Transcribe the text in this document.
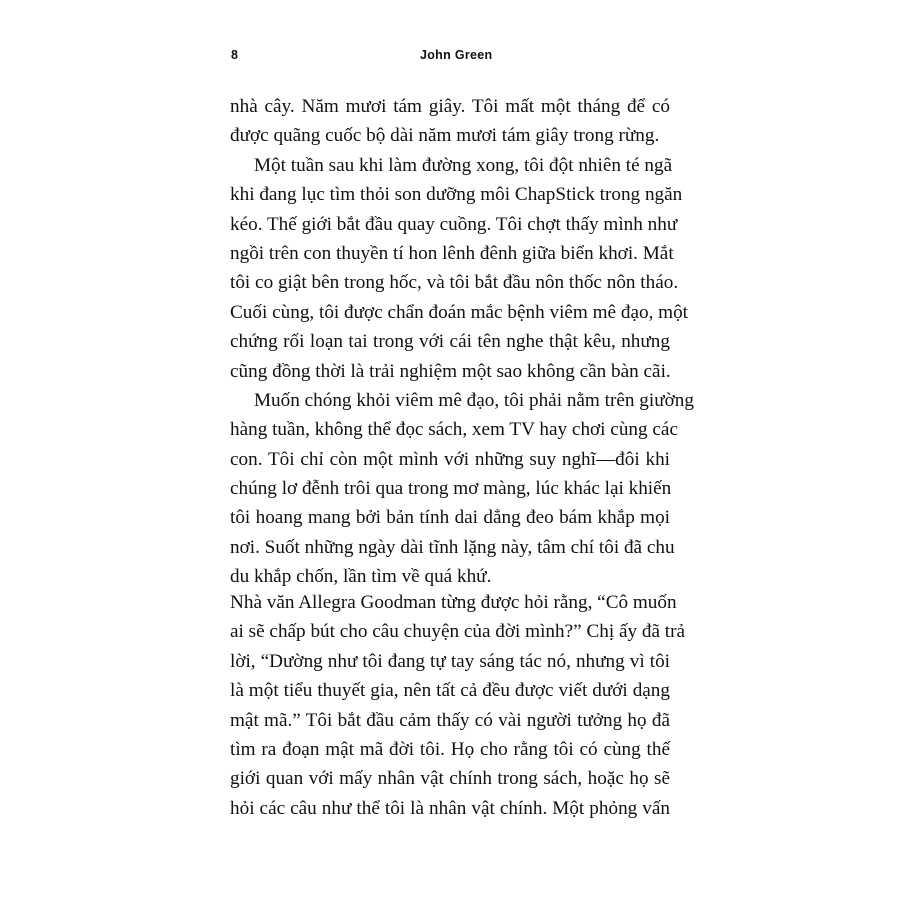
8	John Green

nhà cây. Năm mươi tám giây. Tôi mất một tháng để có
được quãng cuốc bộ dài năm mươi tám giây trong rừng.

Một tuần sau khi làm đường xong, tôi đột nhiên té ngã
khi đang lục tìm thỏi son dưỡng môi ChapStick trong ngăn
kéo. Thế giới bắt đầu quay cuồng. Tôi chợt thấy mình như
ngồi trên con thuyền tí hon lênh đênh giữa biển khơi. Mắt
tôi co giật bên trong hốc, và tôi bắt đầu nôn thốc nôn tháo.
Cuối cùng, tôi được chẩn đoán mắc bệnh viêm mê đạo, một
chứng rối loạn tai trong với cái tên nghe thật kêu, nhưng
cũng đồng thời là trải nghiệm một sao không cần bàn cãi.

Muốn chóng khỏi viêm mê đạo, tôi phải nằm trên giường
hàng tuần, không thể đọc sách, xem TV hay chơi cùng các
con. Tôi chỉ còn một mình với những suy nghĩ—đôi khi
chúng lơ đễnh trôi qua trong mơ màng, lúc khác lại khiến
tôi hoang mang bởi bản tính dai dẳng đeo bám khắp mọi
nơi. Suốt những ngày dài tĩnh lặng này, tâm chí tôi đã chu
du khắp chốn, lần tìm về quá khứ.

Nhà văn Allegra Goodman từng được hỏi rằng, “Cô muốn
ai sẽ chấp bút cho câu chuyện của đời mình?” Chị ấy đã trả
lời, “Dường như tôi đang tự tay sáng tác nó, nhưng vì tôi
là một tiểu thuyết gia, nên tất cả đều được viết dưới dạng
mật mã.” Tôi bắt đầu cảm thấy có vài người tưởng họ đã
tìm ra đoạn mật mã đời tôi. Họ cho rằng tôi có cùng thế
giới quan với mấy nhân vật chính trong sách, hoặc họ sẽ
hỏi các câu như thể tôi là nhân vật chính. Một phỏng vấn
